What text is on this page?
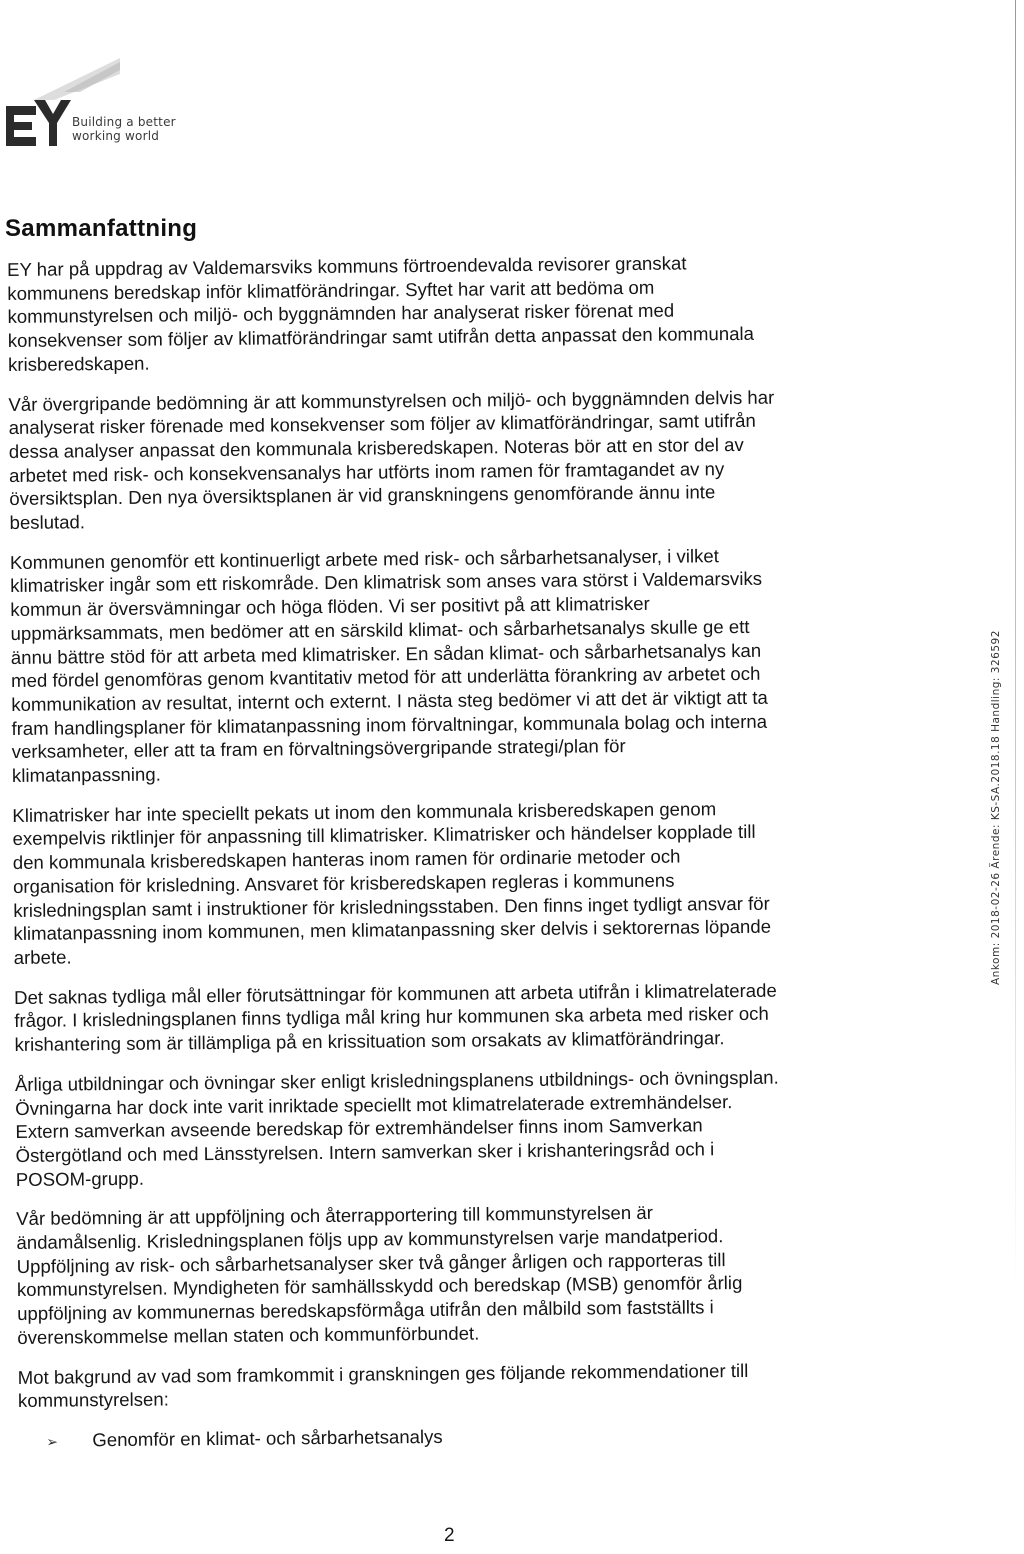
Building a better
working world
Sammanfattning

EY har på uppdrag av Valdemarsviks kommuns förtroendevalda revisorer granskat
kommunens beredskap inför klimatförändringar. Syftet har varit att bedöma om
kommunstyrelsen och miljö- och byggnämnden har analyserat risker förenat med
konsekvenser som följer av klimatförändringar samt utifrån detta anpassat den kommunala
krisberedskapen.

Vår övergripande bedömning är att kommunstyrelsen och miljö- och byggnämnden delvis har
analyserat risker förenade med konsekvenser som följer av klimatförändringar, samt utifrån
dessa analyser anpassat den kommunala krisberedskapen. Noteras bör att en stor del av
arbetet med risk- och konsekvensanalys har utförts inom ramen för framtagandet av ny
översiktsplan. Den nya översiktsplanen är vid granskningens genomförande ännu inte
beslutad.

Kommunen genomför ett kontinuerligt arbete med risk- och sårbarhetsanalyser, i vilket
klimatrisker ingår som ett riskområde. Den klimatrisk som anses vara störst i Valdemarsviks
kommun är översvämningar och höga flöden. Vi ser positivt på att klimatrisker
uppmärksammats, men bedömer att en särskild klimat- och sårbarhetsanalys skulle ge ett
ännu bättre stöd för att arbeta med klimatrisker. En sådan klimat- och sårbarhetsanalys kan
med fördel genomföras genom kvantitativ metod för att underlätta förankring av arbetet och
kommunikation av resultat, internt och externt. I nästa steg bedömer vi att det är viktigt att ta
fram handlingsplaner för klimatanpassning inom förvaltningar, kommunala bolag och interna
verksamheter, eller att ta fram en förvaltningsövergripande strategi/plan för
klimatanpassning.

Klimatrisker har inte speciellt pekats ut inom den kommunala krisberedskapen genom
exempelvis riktlinjer för anpassning till klimatrisker. Klimatrisker och händelser kopplade till
den kommunala krisberedskapen hanteras inom ramen för ordinarie metoder och
organisation för krisledning. Ansvaret för krisberedskapen regleras i kommunens
krisledningsplan samt i instruktioner för krisledningsstaben. Den finns inget tydligt ansvar för
klimatanpassning inom kommunen, men klimatanpassning sker delvis i sektorernas löpande
arbete.

Det saknas tydliga mål eller förutsättningar för kommunen att arbeta utifrån i klimatrelaterade
frågor. I krisledningsplanen finns tydliga mål kring hur kommunen ska arbeta med risker och
krishantering som är tillämpliga på en krissituation som orsakats av klimatförändringar.

Årliga utbildningar och övningar sker enligt krisledningsplanens utbildnings- och övningsplan.
Övningarna har dock inte varit inriktade speciellt mot klimatrelaterade extremhändelser.
Extern samverkan avseende beredskap för extremhändelser finns inom Samverkan
Östergötland och med Länsstyrelsen. Intern samverkan sker i krishanteringsråd och i
POSOM-grupp.

Vår bedömning är att uppföljning och återrapportering till kommunstyrelsen är
ändamålsenlig. Krisledningsplanen följs upp av kommunstyrelsen varje mandatperiod.
Uppföljning av risk- och sårbarhetsanalyser sker två gånger årligen och rapporteras till
kommunstyrelsen. Myndigheten för samhällsskydd och beredskap (MSB) genomför årlig
uppföljning av kommunernas beredskapsförmåga utifrån den målbild som fastställts i
överenskommelse mellan staten och kommunförbundet.

Mot bakgrund av vad som framkommit i granskningen ges följande rekommendationer till
kommunstyrelsen:

➢	Genomför en klimat- och sårbarhetsanalys
2
Ankom: 2018-02-26 Ärende: KS-SA.2018.18 Handling: 326592
